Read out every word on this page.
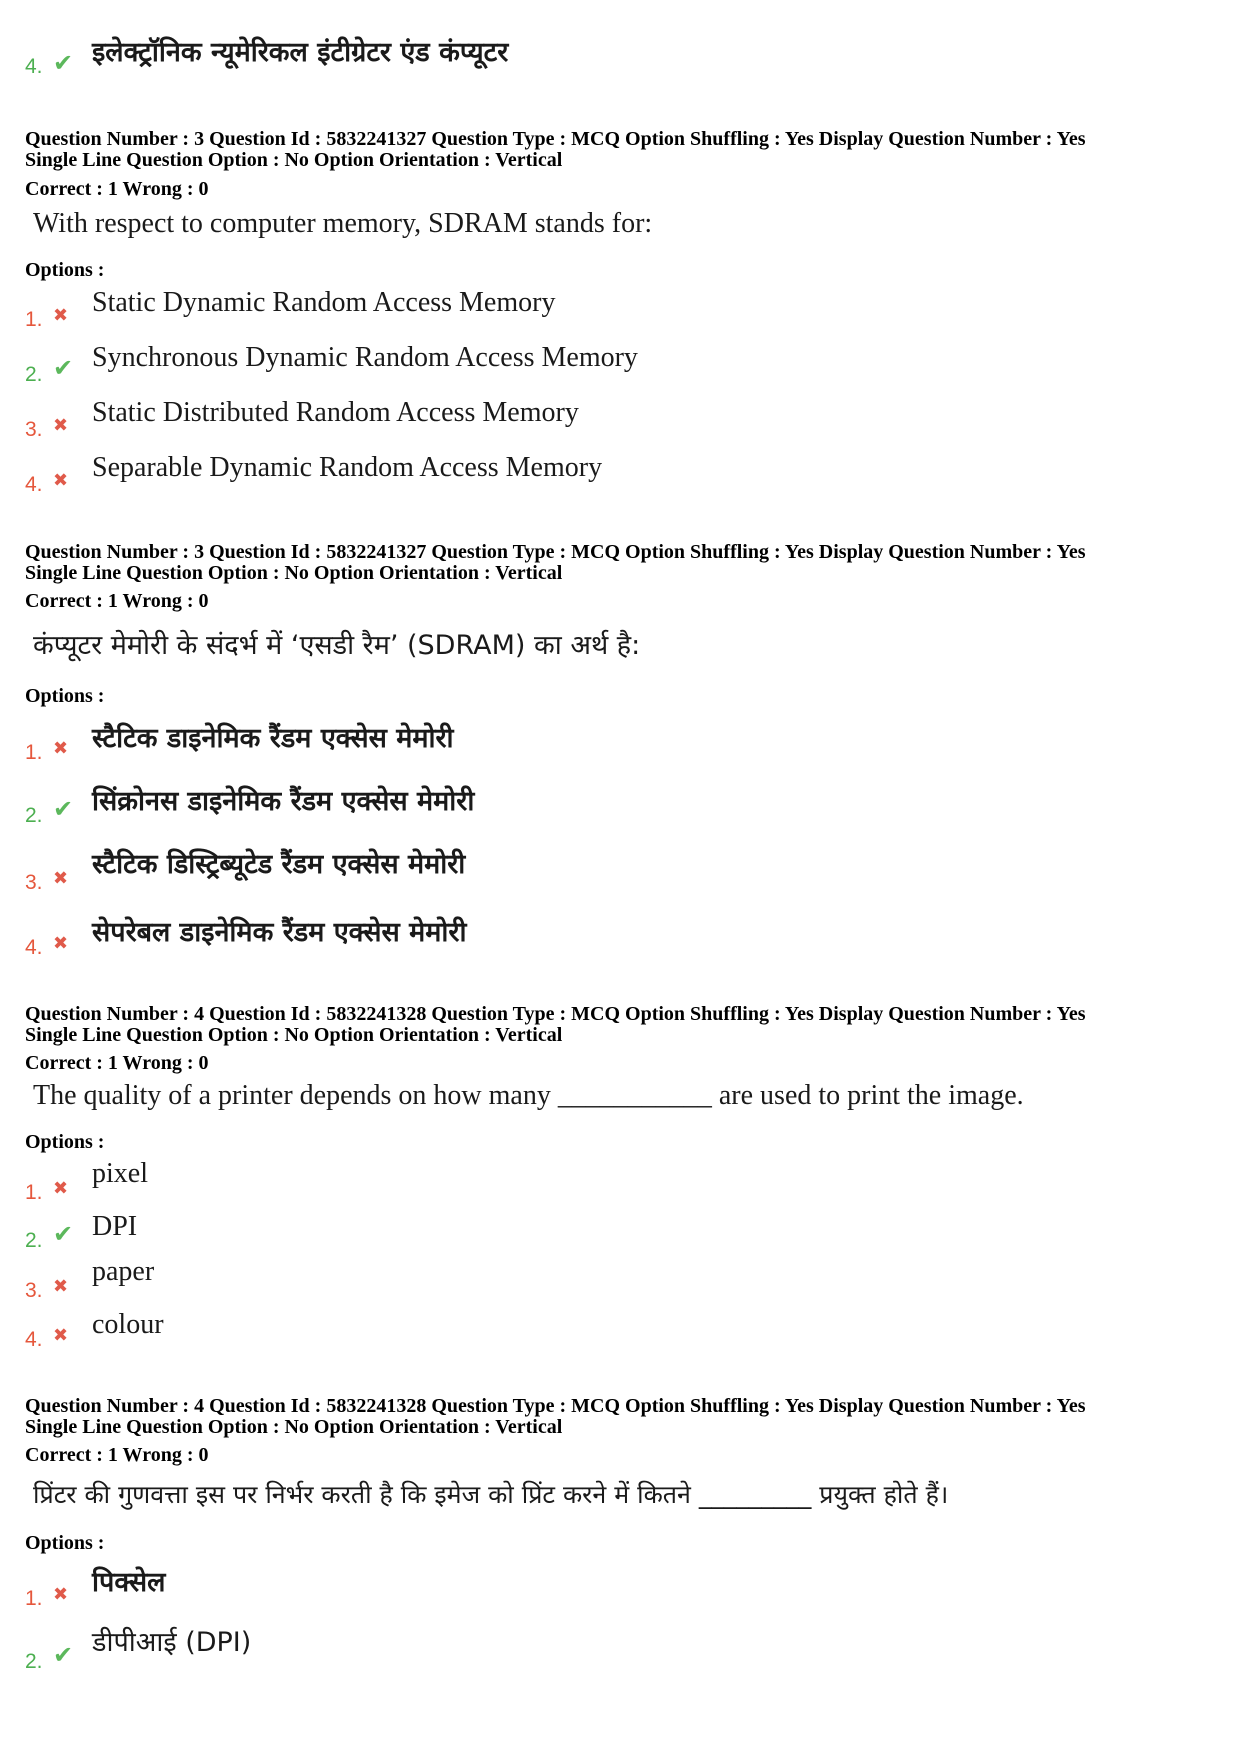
4. ✔ इलेक्ट्रॉनिक न्यूमेरिकल इंटीग्रेटर एंड कंप्यूटर
Question Number : 3 Question Id : 5832241327 Question Type : MCQ Option Shuffling : Yes Display Question Number : Yes
Single Line Question Option : No Option Orientation : Vertical
Correct : 1 Wrong : 0
With respect to computer memory, SDRAM stands for:
Options :
1. ✖ Static Dynamic Random Access Memory
2. ✔ Synchronous Dynamic Random Access Memory
3. ✖ Static Distributed Random Access Memory
4. ✖ Separable Dynamic Random Access Memory
Question Number : 3 Question Id : 5832241327 Question Type : MCQ Option Shuffling : Yes Display Question Number : Yes
Single Line Question Option : No Option Orientation : Vertical
Correct : 1 Wrong : 0
कंप्यूटर मेमोरी के संदर्भ में ‘एसडी रैम’ (SDRAM) का अर्थ है:
Options :
1. ✖ स्टैटिक डाइनेमिक रैंडम एक्सेस मेमोरी
2. ✔ सिंक्रोनस डाइनेमिक रैंडम एक्सेस मेमोरी
3. ✖ स्टैटिक डिस्ट्रिब्यूटेड रैंडम एक्सेस मेमोरी
4. ✖ सेपरेबल डाइनेमिक रैंडम एक्सेस मेमोरी
Question Number : 4 Question Id : 5832241328 Question Type : MCQ Option Shuffling : Yes Display Question Number : Yes
Single Line Question Option : No Option Orientation : Vertical
Correct : 1 Wrong : 0
The quality of a printer depends on how many ___________ are used to print the image.
Options :
1. ✖ pixel
2. ✔ DPI
3. ✖ paper
4. ✖ colour
Question Number : 4 Question Id : 5832241328 Question Type : MCQ Option Shuffling : Yes Display Question Number : Yes
Single Line Question Option : No Option Orientation : Vertical
Correct : 1 Wrong : 0
प्रिंटर की गुणवत्ता इस पर निर्भर करती है कि इमेज को प्रिंट करने में कितने _________ प्रयुक्त होते हैं।
Options :
1. ✖ पिक्सेल
2. ✔ डीपीआई (DPI)
